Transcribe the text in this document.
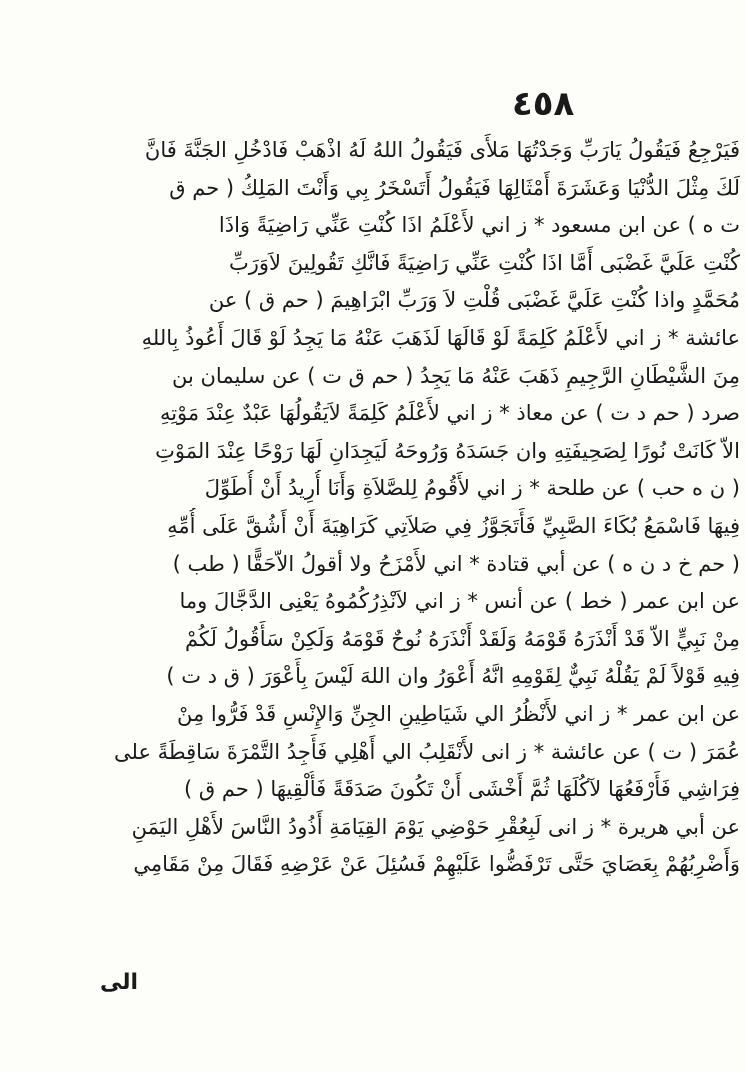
٤٥٨
فَيَرْجِعُ فَيَقُولُ يَارَبِّ وَجَدْتُهَا مَلأَى فَيَقُولُ اللهُ لَهُ اذْهَبْ فَادْخُلِ الجَنَّةَ فَانَّ
لَكَ مِثْلَ الدُّنْيَا وَعَشَرَةَ أَمْثَالِهَا فَيَقُولُ أَتَسْخَرُ بِي وَأَنْتَ المَلِكُ ( حم ق
ت ه ) عن ابن مسعود * ز اني لأَعْلَمُ اذَا كُنْتِ عَنِّي رَاضِيَةً وَاذَا
كُنْتِ عَلَيَّ غَضْبَى أَمَّا اذَا كُنْتِ عَنِّي رَاضِيَةً فَانَّكِ تَقُولِينَ لاَوَرَبِّ
مُحَمَّدٍ واذا كُنْتِ عَلَيَّ غَضْبَى قُلْتِ لاَ وَرَبِّ ابْرَاهِيمَ ( حم ق ) عن
عائشة * ز اني لأَعْلَمُ كَلِمَةً لَوْ قَالَهَا لَذَهَبَ عَنْهُ مَا يَجِدُ لَوْ قَالَ أَعُوذُ بِاللهِ
مِنَ الشَّيْطَانِ الرَّجِيمِ ذَهَبَ عَنْهُ مَا يَجِدُ ( حم ق ت ) عن سليمان بن
صرد ( حم د ت ) عن معاذ * ز اني لأَعْلَمُ كَلِمَةً لاَيَقُولُهَا عَبْدٌ عِنْدَ مَوْتِهِ
الاّ كَانَتْ نُورًا لِصَحِيفَتِهِ وان جَسَدَهُ وَرُوحَهُ لَيَجِدَانِ لَهَا رَوْحًا عِنْدَ المَوْتِ
( ن ه حب ) عن طلحة * ز اني لأَقُومُ لِلصَّلاَةِ وَأَنَا أُرِيدُ أَنْ أُطَوِّلَ
فِيهَا فَاسْمَعُ بُكَاءَ الصَّبِيِّ فَأَتَجَوَّزُ فِي صَلاَتِي كَرَاهِيَةَ أَنْ أَشُقَّ عَلَى أُمِّهِ
( حم خ د ن ه ) عن أبي قتادة * اني لأَمْزَحُ ولا أقولُ الاّحَقًّا ( طب )
عن ابن عمر ( خط ) عن أنس * ز اني لاَنْذِرُكُمُوهُ يَعْنِى الدَّجَّالَ وما
مِنْ نَبِيٍّ الاّ قَدْ أَنْذَرَهُ قَوْمَهُ وَلَقَدْ أَنْذَرَهُ نُوحٌ قَوْمَهُ وَلَكِنْ سَأَقُولُ لَكُمْ
فِيهِ قَوْلاً لَمْ يَقُلْهُ نَبِيٌّ لِقَوْمِهِ انَّهُ أَعْوَرُ وان اللهَ لَيْسَ بِأَعْوَرَ ( ق د ت )
عن ابن عمر * ز اني لأَنْظُرُ الي شَيَاطِينِ الجِنِّ وَالإِنْسِ قَدْ فَرُّوا مِنْ
عُمَرَ ( ت ) عن عائشة * ز انى لأَنْقَلِبُ الي أَهْلِي فَأَجِدُ التَّمْرَةَ سَاقِطَةً على
فِرَاشِي فَأَرْفَعُهَا لآكُلَهَا ثُمَّ أَخْشَى أَنْ تَكُونَ صَدَقَةً فَأُلْقِيهَا ( حم ق )
عن أبي هريرة * ز انى لَبِعُقْرِ حَوْضِي يَوْمَ القِيَامَةِ أَذُودُ النَّاسَ لأَهْلِ اليَمَنِ
وَأَضْرِبُهُمْ بِعَصَايَ حَتَّى تَرْفَضُّوا عَلَيْهِمْ فَسُئِلَ عَنْ عَرْضِهِ فَقَالَ مِنْ مَقَامِي
الى
